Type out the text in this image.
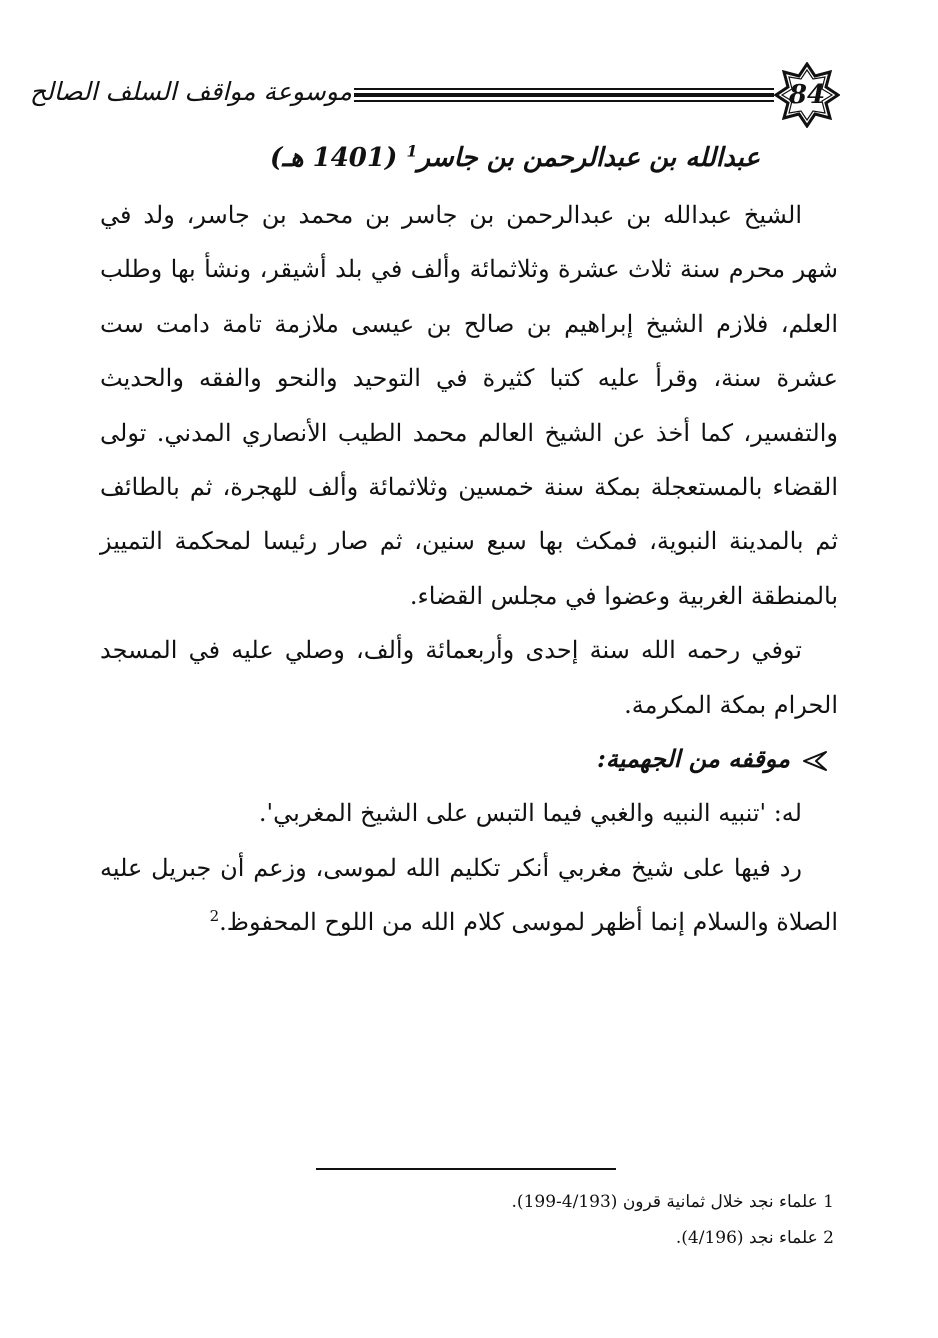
موسوعة مواقف السلف الصالح	84
عبدالله بن عبدالرحمن بن جاسر$^1$ (1401 هـ)

الشيخ عبدالله بن عبدالرحمن بن جاسر بن محمد بن جاسر، ولد في شهر محرم سنة ثلاث عشرة وثلاثمائة وألف في بلد أشيقر، ونشأ بها وطلب العلم، فلازم الشيخ إبراهيم بن صالح بن عيسى ملازمة تامة دامت ست عشرة سنة، وقرأ عليه كتبا كثيرة في التوحيد والنحو والفقه والحديث والتفسير، كما أخذ عن الشيخ العالم محمد الطيب الأنصاري المدني. تولى القضاء بالمستعجلة بمكة سنة خمسين وثلاثمائة وألف للهجرة، ثم بالطائف ثم بالمدينة النبوية، فمكث بها سبع سنين، ثم صار رئيسا لمحكمة التمييز بالمنطقة الغربية وعضوا في مجلس القضاء.

توفي رحمه الله سنة إحدى وأربعمائة وألف، وصلي عليه في المسجد الحرام بمكة المكرمة.

موقفه من الجهمية:

له: 'تنبيه النبيه والغبي فيما التبس على الشيخ المغربي'.

رد فيها على شيخ مغربي أنكر تكليم الله لموسى، وزعم أن جبريل عليه الصلاة والسلام إنما أظهر لموسى كلام الله من اللوح المحفوظ.$^2$

1 علماء نجد خلال ثمانية قرون (4/193-199).
2 علماء نجد (4/196).
